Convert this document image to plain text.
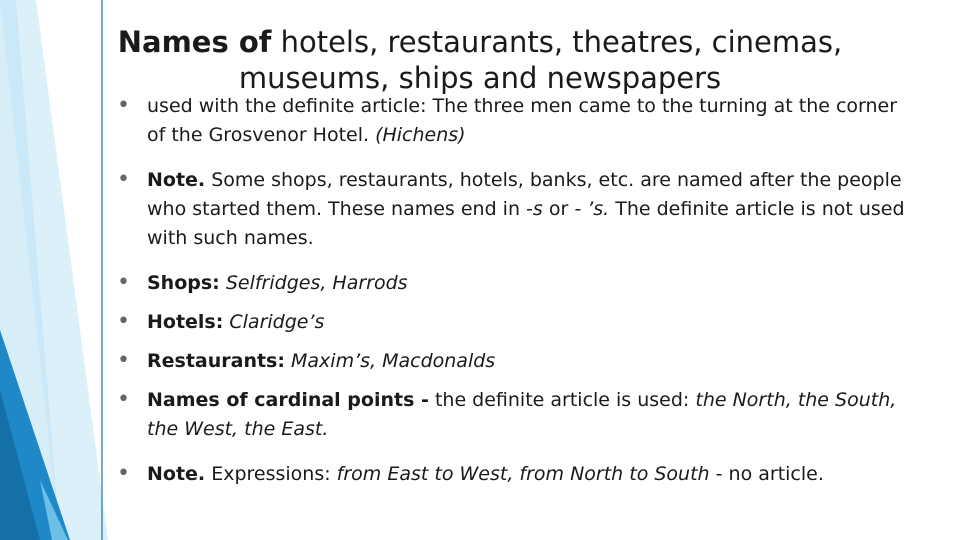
Names of hotels, restaurants, theatres, cinemas, museums, ships and newspapers
• used with the definite article: The three men came to the turning at the corner of the Grosvenor Hotel. (Hichens)
• Note. Some shops, restaurants, hotels, banks, etc. are named after the people who started them. These names end in -s or - ’s. The definite article is not used with such names.
• Shops: Selfridges, Harrods
• Hotels: Claridge’s
• Restaurants: Maxim’s, Macdonalds
• Names of cardinal points - the definite article is used: the North, the South, the West, the East.
• Note. Expressions: from East to West, from North to South - no article.
